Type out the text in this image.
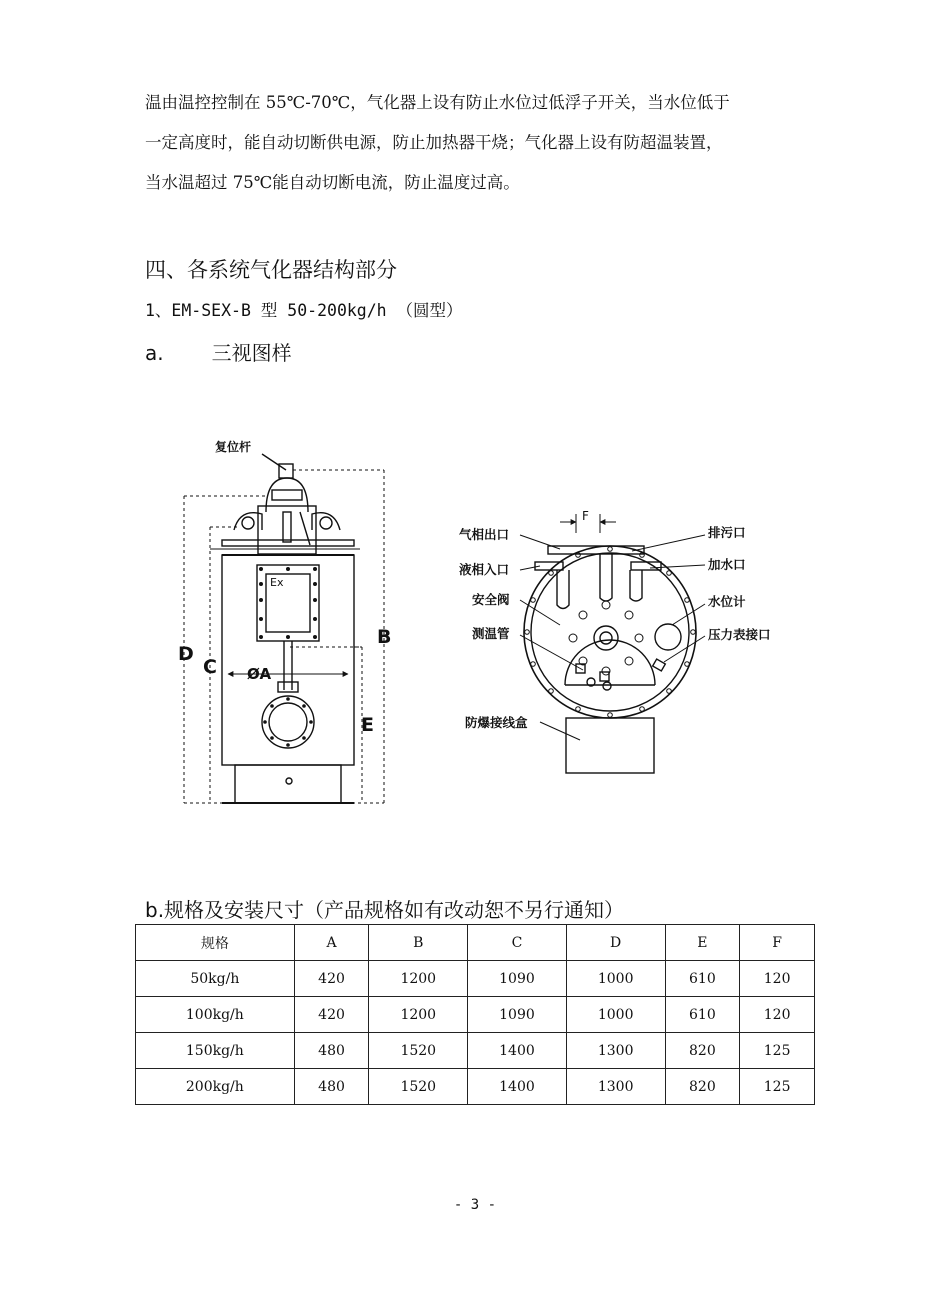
温由温控控制在 55℃-70℃，气化器上设有防止水位过低浮子开关，当水位低于
一定高度时，能自动切断供电源，防止加热器干烧；气化器上设有防超温装置，
当水温超过 75℃能自动切断电流，防止温度过高。
四、各系统气化器结构部分
1、EM-SEX-B 型 50-200kg/h （圆型）
a. 三视图样
复位杆
Ex
D
C ØA
B
E
气相出口
液相入口
安全阀
测温管
排污口
加水口
水位计
压力表接口
防爆接线盒
F
b.规格及安装尺寸（产品规格如有改动恕不另行通知）
规格	A	B	C	D	E	F
50kg/h	420	1200	1090	1000	610	120
100kg/h	420	1200	1090	1000	610	120
150kg/h	480	1520	1400	1300	820	125
200kg/h	480	1520	1400	1300	820	125
- 3 -
